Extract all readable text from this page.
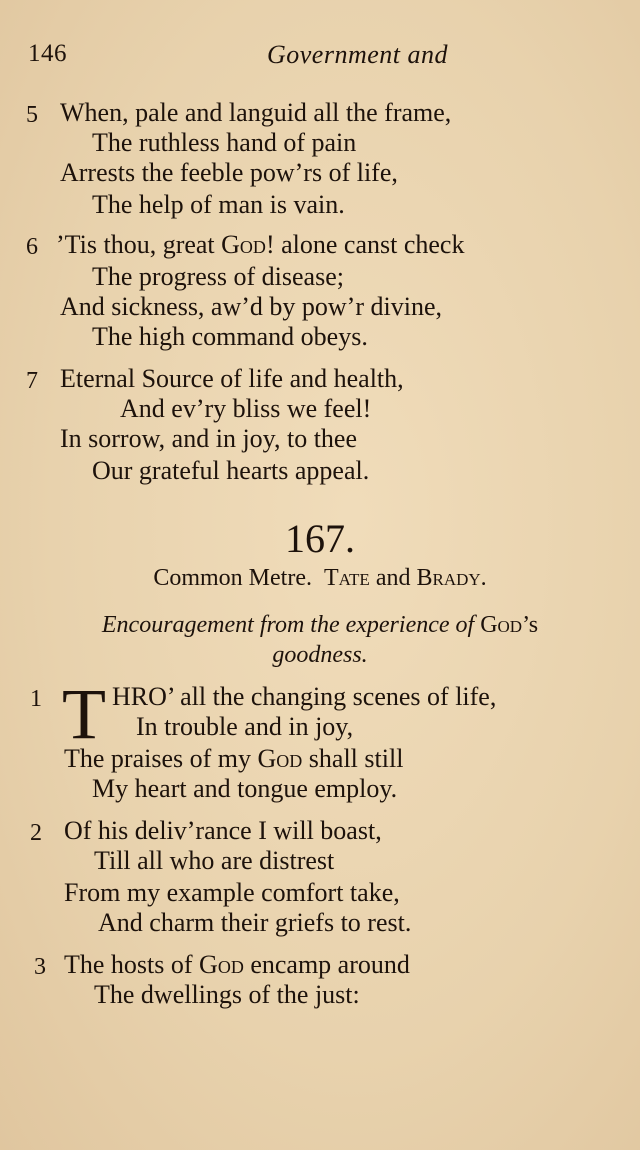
146	Government and
5 When, pale and languid all the frame,
The ruthless hand of pain
Arrests the feeble pow’rs of life,
The help of man is vain.
6 ’Tis thou, great God! alone canst check
The progress of disease;
And sickness, aw’d by pow’r divine,
The high command obeys.
7 Eternal Source of life and health,
And ev’ry bliss we feel!
In sorrow, and in joy, to thee
Our grateful hearts appeal.
167.
Common Metre. Tate and Brady.
Encouragement from the experience of God’s
goodness.
1 T HRO’ all the changing scenes of life,
In trouble and in joy,
The praises of my God shall still
My heart and tongue employ.
2 Of his deliv’rance I will boast,
Till all who are distrest
From my example comfort take,
And charm their griefs to rest.
3 The hosts of God encamp around
The dwellings of the just:
